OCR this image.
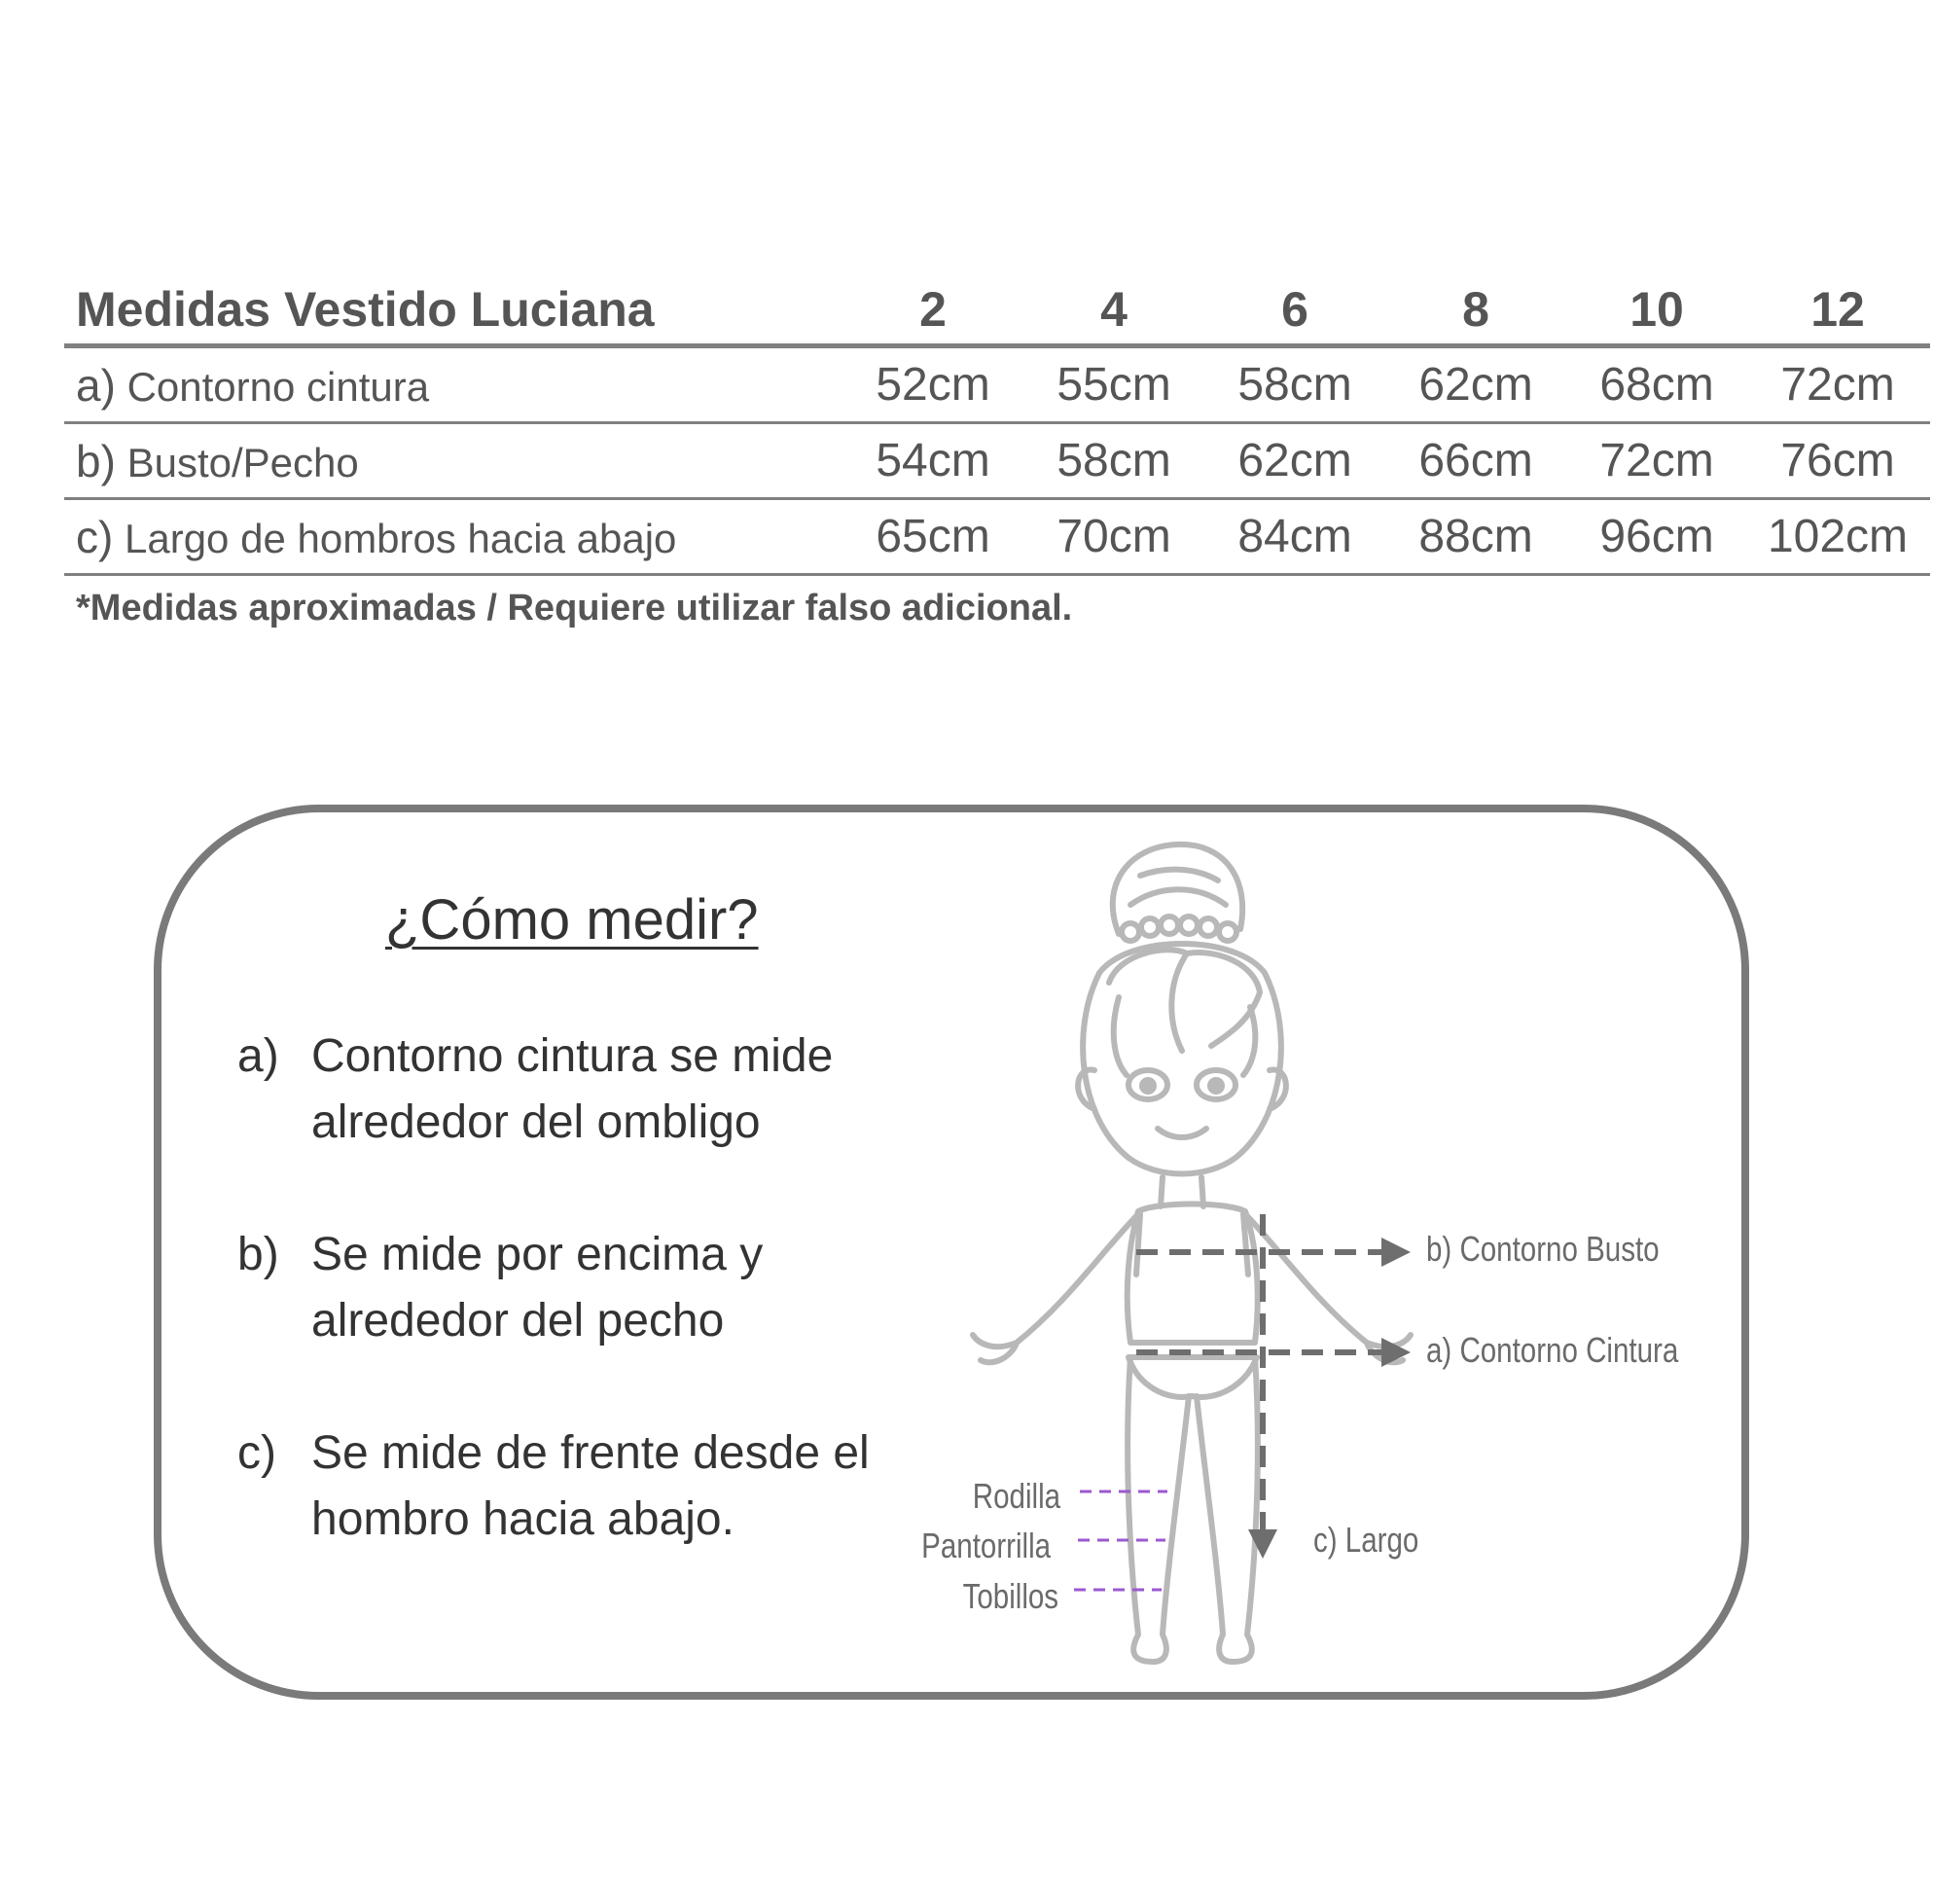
Medidas Vestido Luciana	2	4	6	8	10	12
a) Contorno cintura	52cm	55cm	58cm	62cm	68cm	72cm
b) Busto/Pecho	54cm	58cm	62cm	66cm	72cm	76cm
c) Largo de hombros hacia abajo	65cm	70cm	84cm	88cm	96cm	102cm
*Medidas aproximadas / Requiere utilizar falso adicional.
¿Cómo medir?
a) Contorno cintura se mide alrededor del ombligo
b) Se mide por encima y alrededor del pecho
c) Se mide de frente desde el hombro hacia abajo.
b) Contorno Busto
a) Contorno Cintura
c) Largo
Rodilla
Pantorrilla
Tobillos
